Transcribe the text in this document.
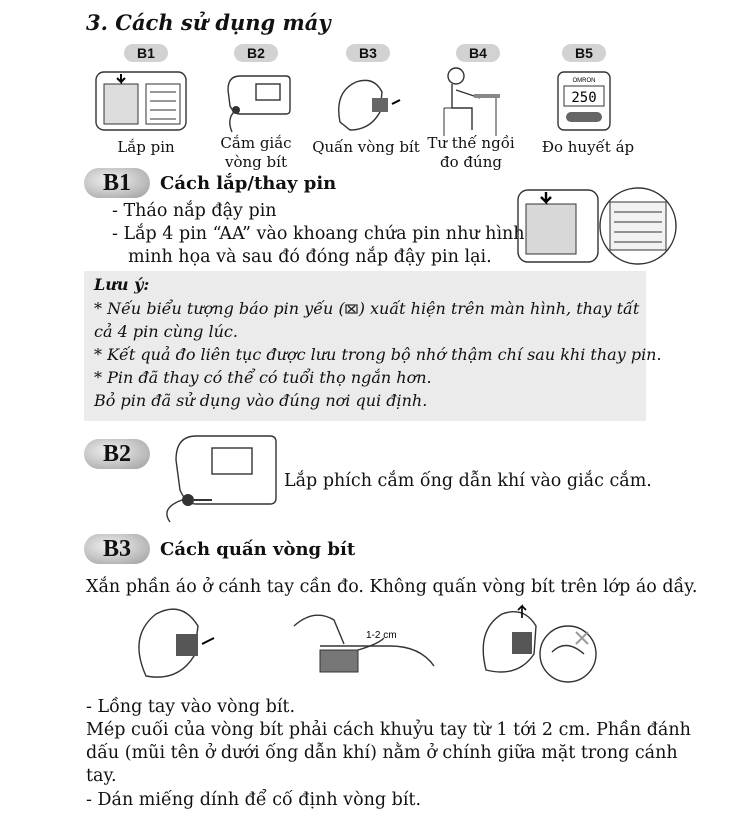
3. Cách sử dụng máy
B1	B2	B3	B4	B5
OMRON
250
Lắp pin	Cắm giắc vòng bít
Quấn vòng bít Tư thế ngồi đo đúng
Đo huyết áp
B1	Cách lắp/thay pin
- Tháo nắp đậy pin
- Lắp 4 pin “AA” vào khoang chứa pin như hình
minh họa và sau đó đóng nắp đậy pin lại.
Lưu ý:
* Nếu biểu tượng báo pin yếu ( ) xuất hiện trên màn hình, thay tất
cả 4 pin cùng lúc.
* Kết quả đo liên tục được lưu trong bộ nhớ thậm chí sau khi thay pin.
* Pin đã thay có thể có tuổi thọ ngắn hơn.
Bỏ pin đã sử dụng vào đúng nơi qui định.
B2
Lắp phích cắm ống dẫn khí vào giắc cắm.
B3	Cách quấn vòng bít
Xắn phần áo ở cánh tay cần đo. Không quấn vòng bít trên lớp áo dầy.
1-2 cm
- Lồng tay vào vòng bít.
Mép cuối của vòng bít phải cách khuỷu tay từ 1 tới 2 cm. Phần đánh
dấu (mũi tên ở dưới ống dẫn khí) nằm ở chính giữa mặt trong cánh
tay.
- Dán miếng dính để cố định vòng bít.
